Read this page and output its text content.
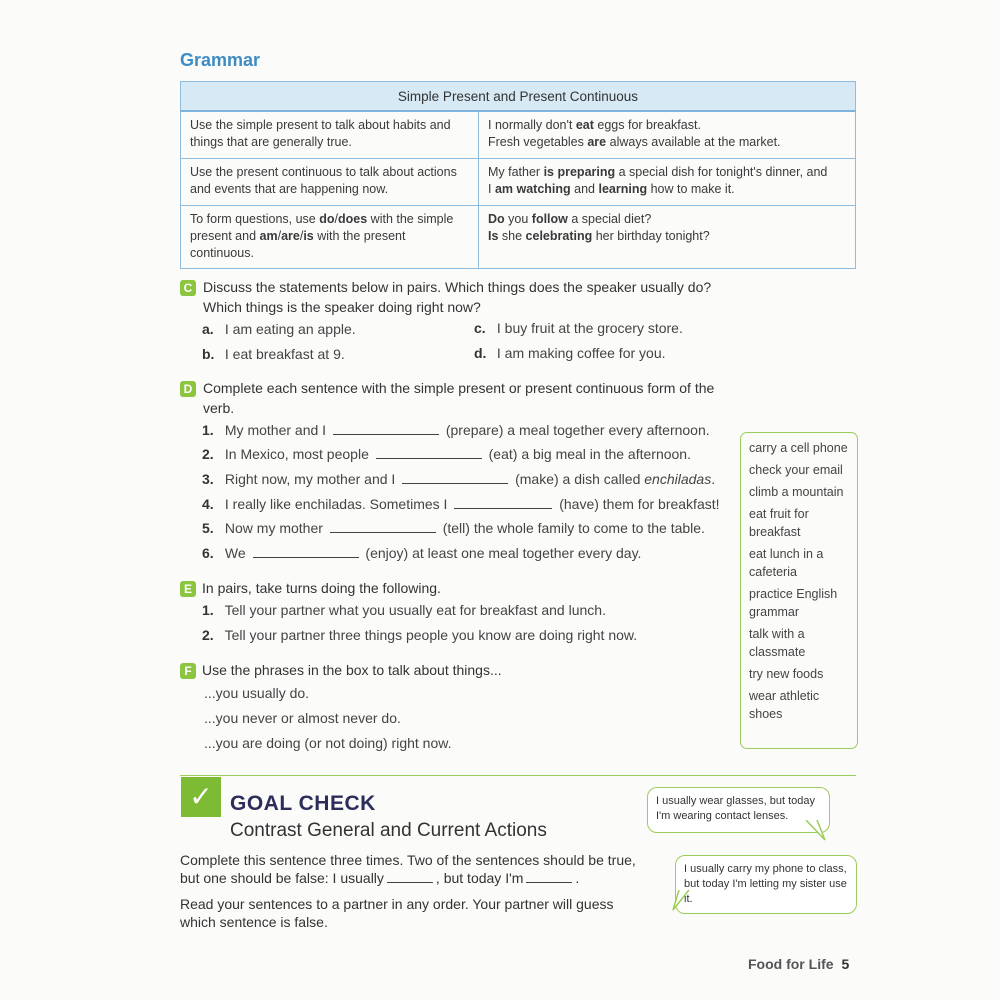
Grammar
Simple Present and Present Continuous	
Use the simple present to talk about habits and things that are generally true.	I normally don't eat eggs for breakfast.
Fresh vegetables are always available at the market.
Use the present continuous to talk about actions and events that are happening now.	My father is preparing a special dish for tonight's dinner, and
I am watching and learning how to make it.
To form questions, use do/does with the simple present and am/are/is with the present continuous.	Do you follow a special diet?
Is she celebrating her birthday tonight?
C Discuss the statements below in pairs. Which things does the speaker usually do? Which things is the speaker doing right now?
a. I am eating an apple.
b. I eat breakfast at 9.
c. I buy fruit at the grocery store.
d. I am making coffee for you.
D Complete each sentence with the simple present or present continuous form of the verb.
1. My mother and I	(prepare) a meal together every afternoon.
2. In Mexico, most people	(eat) a big meal in the afternoon.
3. Right now, my mother and I	(make) a dish called enchiladas.
4. I really like enchiladas. Sometimes I	(have) them for breakfast!
5. Now my mother	(tell) the whole family to come to the table.
6. We	(enjoy) at least one meal together every day.
E In pairs, take turns doing the following.
1. Tell your partner what you usually eat for breakfast and lunch.
2. Tell your partner three things people you know are doing right now.
F Use the phrases in the box to talk about things...
...you usually do.
...you never or almost never do.
...you are doing (or not doing) right now.
carry a cell phone
check your email
climb a mountain
eat fruit for breakfast
eat lunch in a cafeteria
practice English grammar
talk with a classmate
try new foods
wear athletic shoes
✓ GOAL CHECK
Contrast General and Current Actions
Complete this sentence three times. Two of the sentences should be true, but one should be false: I usually	, but today I'm	.
Read your sentences to a partner in any order. Your partner will guess which sentence is false.
I usually wear glasses, but today I'm wearing contact lenses.
I usually carry my phone to class, but today I'm letting my sister use it.
Food for Life 5
